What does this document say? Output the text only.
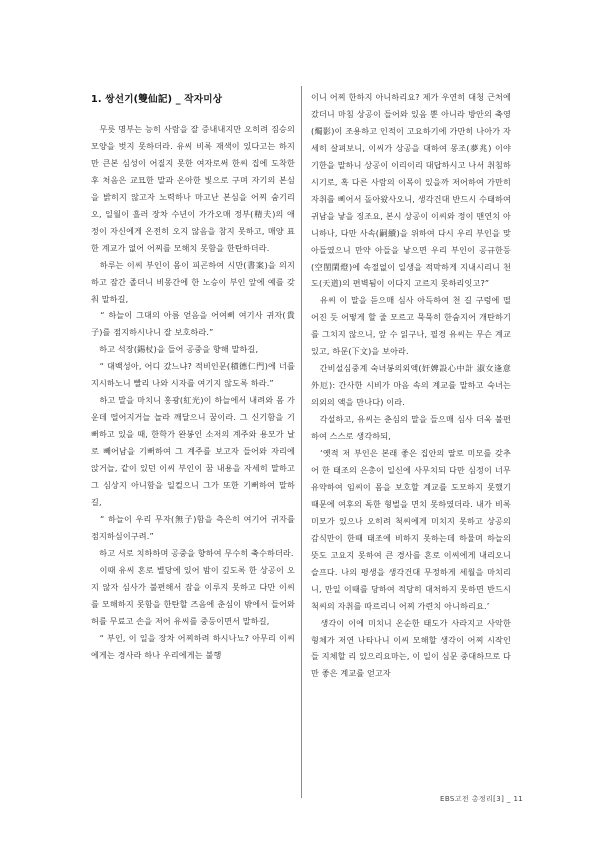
1. 쌍선기(雙仙記) _ 작자미상

　무릇 명부는 능히 사람을 잘 증내내지만 오히려 짐승의 모양을 벗지 못하더라. 유씨 비록 재색이 있다고는 하지만 큰본 심성이 어질지 못한 여자로써 한씨 집에 도착한 후 처음은 교묘한 말과 온아한 빛으로 구며 자기의 본심을 밝히지 않고자 노력하나 마고난 본심을 어찌 숨기리오, 일월이 흘러 장차 수년이 가가오매 정부(精夫)의 애정이 자신에게 온전히 오지 않음을 참지 못하고, 매양 표한 계교가 없어 어찌를 모해치 못함을 한탄하더라.

　하루는 이씨 부인이 몸이 피곤하여 시만(書案)을 의지하고 잠간 졸더니 비몽간에 한 노승이 부인 앞에 예를 갖춰 말하길,

　“ 하늘이 그대의 아름 얻음을 어여삐 여기사 귀자(貴子)를 점지하시나니 잘 보호하라.”

　하고 석장(錫杖)을 들어 공중을 향해 말하길,

　“ 대백성아, 어디 갔느냐? 적비인문(積德仁門)에 너를 지시하노니 빨리 나와 시자를 여기지 않도록 하라.”

　하고 말을 마치니 홍광(紅光)이 하늘에서 내려와 몸 가운데 떨어지거늘 놀라 깨달으니 꿈이라. 그 신기함을 기뻐하고 있을 때, 한학가 완봉인 소저의 계주와 용모가 날로 빼어남을 기뻐하여 그 계주를 보고자 들어와 자리에 앉거늘, 같이 있던 이씨 부인이 꿈 내용을 자세히 말하고 그 심상지 아니함을 일컬으니 그가 또한 기뻐하여 말하길,

　“ 하늘이 우리 무자(無子)함을 측은히 여기어 귀자를 점지하심이구려.”

　하고 서로 치하하며 공중을 향하여 무수히 축수하더라.

　이때 유씨 혼로 별당에 있어 밤이 깊도록 한 상공이 오지 않자 심사가 불편해서 잠을 이루지 못하고 다만 이씨를 모해하지 못함을 한탄할 즈음에 춘심이 밖에서 들어와 허를 무료고 손을 저어 유씨를 중등이면서 말하길,

　“ 부인, 이 일을 장차 어찌하려 하시나뇨? 아무리 이씨에게는 경사라 하나 우리에게는 불행

이니 어찌 한하지 아니하리요? 제가 우연히 대청 근처에 갔더니 마침 상공이 들어와 있음 뿐 아니라 방안의 축영(燭影)이 조용하고 인적이 고요하기에 가만히 나아가 자세히 살펴보니, 이씨가 상공을 대하여 몽조(夢兆) 이야기한을 말하니 상공이 이리이리 대답하시고 나서 취침하시기로, 혹 다른 사람의 이목이 있을까 저어하여 가만히 자취를 삐어서 돌아왔사오니, 생각건대 반드시 수태하여 귀남을 낳을 징조요, 본시 상공이 이씨와 정이 맨연치 아니하나, 다만 사속(嗣續)을 위하여 다시 우리 부인을 맞아들였으니 만약 아들을 낳으면 우리 부인이 공규한등(空閨閑燈)에 속절없이 일생을 적막하게 지내시리니 천도(天道)의 편벽됨이 이다지 고르지 못하리잇고?”

　유씨 이 말을 듣으매 심사 아득하여 천 길 구렁에 떨어진 듯 어떻게 할 줄 모르고 묵묵히 한숨지어 개탄하기를 그치지 않으니, 앞 수 읽구나, 필경 유씨는 무슨 계교 있고, 하문(下文)을 보아라.

　간비설심중계 숙녀봉의외액(奸婢設心中計 淑女逢意外厄): 간사한 시비가 마음 속의 계교를 말하고 숙녀는 의외의 액을 만나다) 이라.

　각설하고, 유씨는 춘심의 말을 들으매 심사 더욱 불편하여 스스로 생각하되,

　‘옛적 저 부인은 본래 좋은 집안의 딸로 미모를 갖추어 한 태조의 은총이 일신에 사무치되 다만 심정이 너무 유약하여 임씨이 몸을 보호할 계교를 도모하지 못했기 때문에 여후의 독한 형벌을 면치 못하였더라. 내가 비록 미모가 있으나 오히려 척씨에게 미치지 못하고 상공의 감식만이 한때 태조에 비하지 못하는데 하물며 하늘의 뜻도 고요지 못하여 큰 경사를 혼로 이씨에게 내리오니 슬프다. 나의 평생을 생각건대 무정하게 세월을 마치리니, 만일 이때를 당하여 적당히 대처하지 못하면 반드시 척씨의 자취를 따르리니 어찌 가련치 아니하리요.’

　생각이 이에 미치니 온순한 태도가 사라지고 사악한 형체가 저연 나타나니 이씨 모해할 생각이 어찌 시작인들 지체할 리 있으리요마는, 이 일이 심문 중대하므로 다만 좋은 계교를 얻고자

EBS고전 총정리[3] _ 11
